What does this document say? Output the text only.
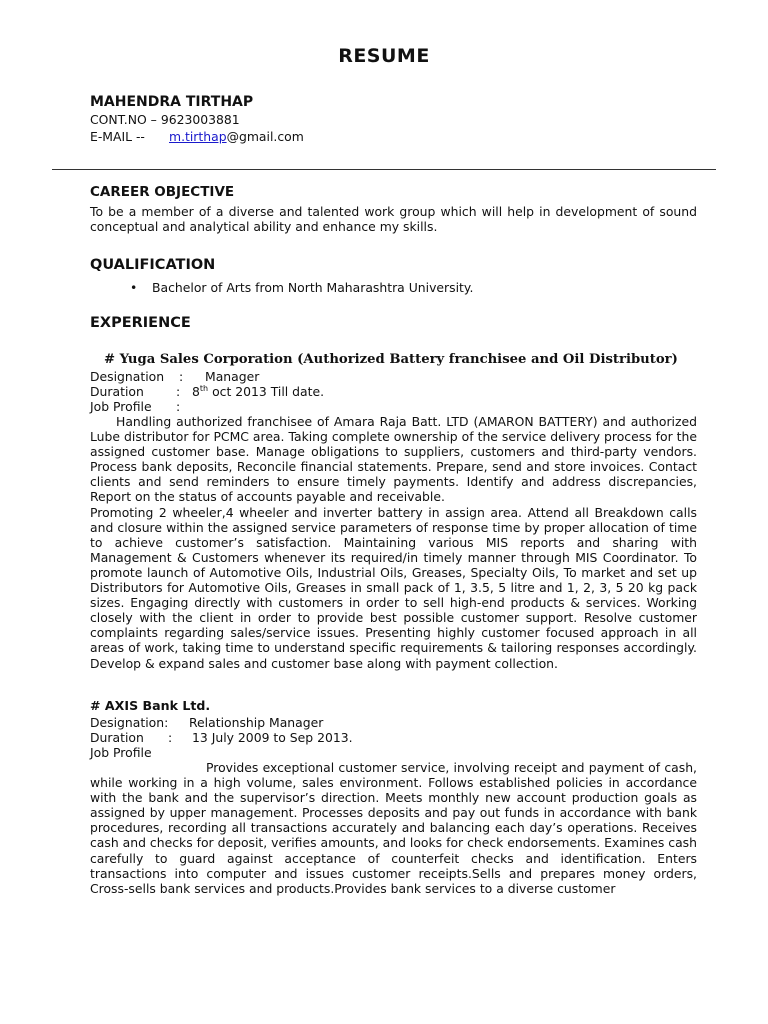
RESUME
MAHENDRA TIRTHAP
CONT.NO – 9623003881
E-MAIL -- m.tirthap@gmail.com
CAREER OBJECTIVE
To be a member of a diverse and talented work group which will help in development of sound conceptual and analytical ability and enhance my skills.
QUALIFICATION
• Bachelor of Arts from North Maharashtra University.
EXPERIENCE
# Yuga Sales Corporation (Authorized Battery franchisee and Oil Distributor)
Designation : Manager
Duration	: 8th oct 2013 Till date.
Job Profile :

Handling authorized franchisee of Amara Raja Batt. LTD (AMARON BATTERY) and authorized Lube distributor for PCMC area. Taking complete ownership of the service delivery process for the assigned customer base. Manage obligations to suppliers, customers and third-party vendors. Process bank deposits, Reconcile financial statements. Prepare, send and store invoices. Contact clients and send reminders to ensure timely payments. Identify and address discrepancies, Report on the status of accounts payable and receivable.

Promoting 2 wheeler,4 wheeler and inverter battery in assign area. Attend all Breakdown calls and closure within the assigned service parameters of response time by proper allocation of time to achieve customer’s satisfaction. Maintaining various MIS reports and sharing with Management & Customers whenever its required/in timely manner through MIS Coordinator. To promote launch of Automotive Oils, Industrial Oils, Greases, Specialty Oils, To market and set up Distributors for Automotive Oils, Greases in small pack of 1, 3.5, 5 litre and 1, 2, 3, 5 20 kg pack sizes. Engaging directly with customers in order to sell high-end products & services. Working closely with the client in order to provide best possible customer support. Resolve customer complaints regarding sales/service issues. Presenting highly customer focused approach in all areas of work, taking time to understand specific requirements & tailoring responses accordingly. Develop & expand sales and customer base along with payment collection.

# AXIS Bank Ltd.
Designation: Relationship Manager
Duration : 13 July 2009 to Sep 2013.
Job Profile

Provides exceptional customer service, involving receipt and payment of cash, while working in a high volume, sales environment. Follows established policies in accordance with the bank and the supervisor’s direction. Meets monthly new account production goals as assigned by upper management. Processes deposits and pay out funds in accordance with bank procedures, recording all transactions accurately and balancing each day’s operations. Receives cash and checks for deposit, verifies amounts, and looks for check endorsements. Examines cash carefully to guard against acceptance of counterfeit checks and identification. Enters transactions into computer and issues customer receipts.Sells and prepares money orders, Cross-sells bank services and products.Provides bank services to a diverse customer
